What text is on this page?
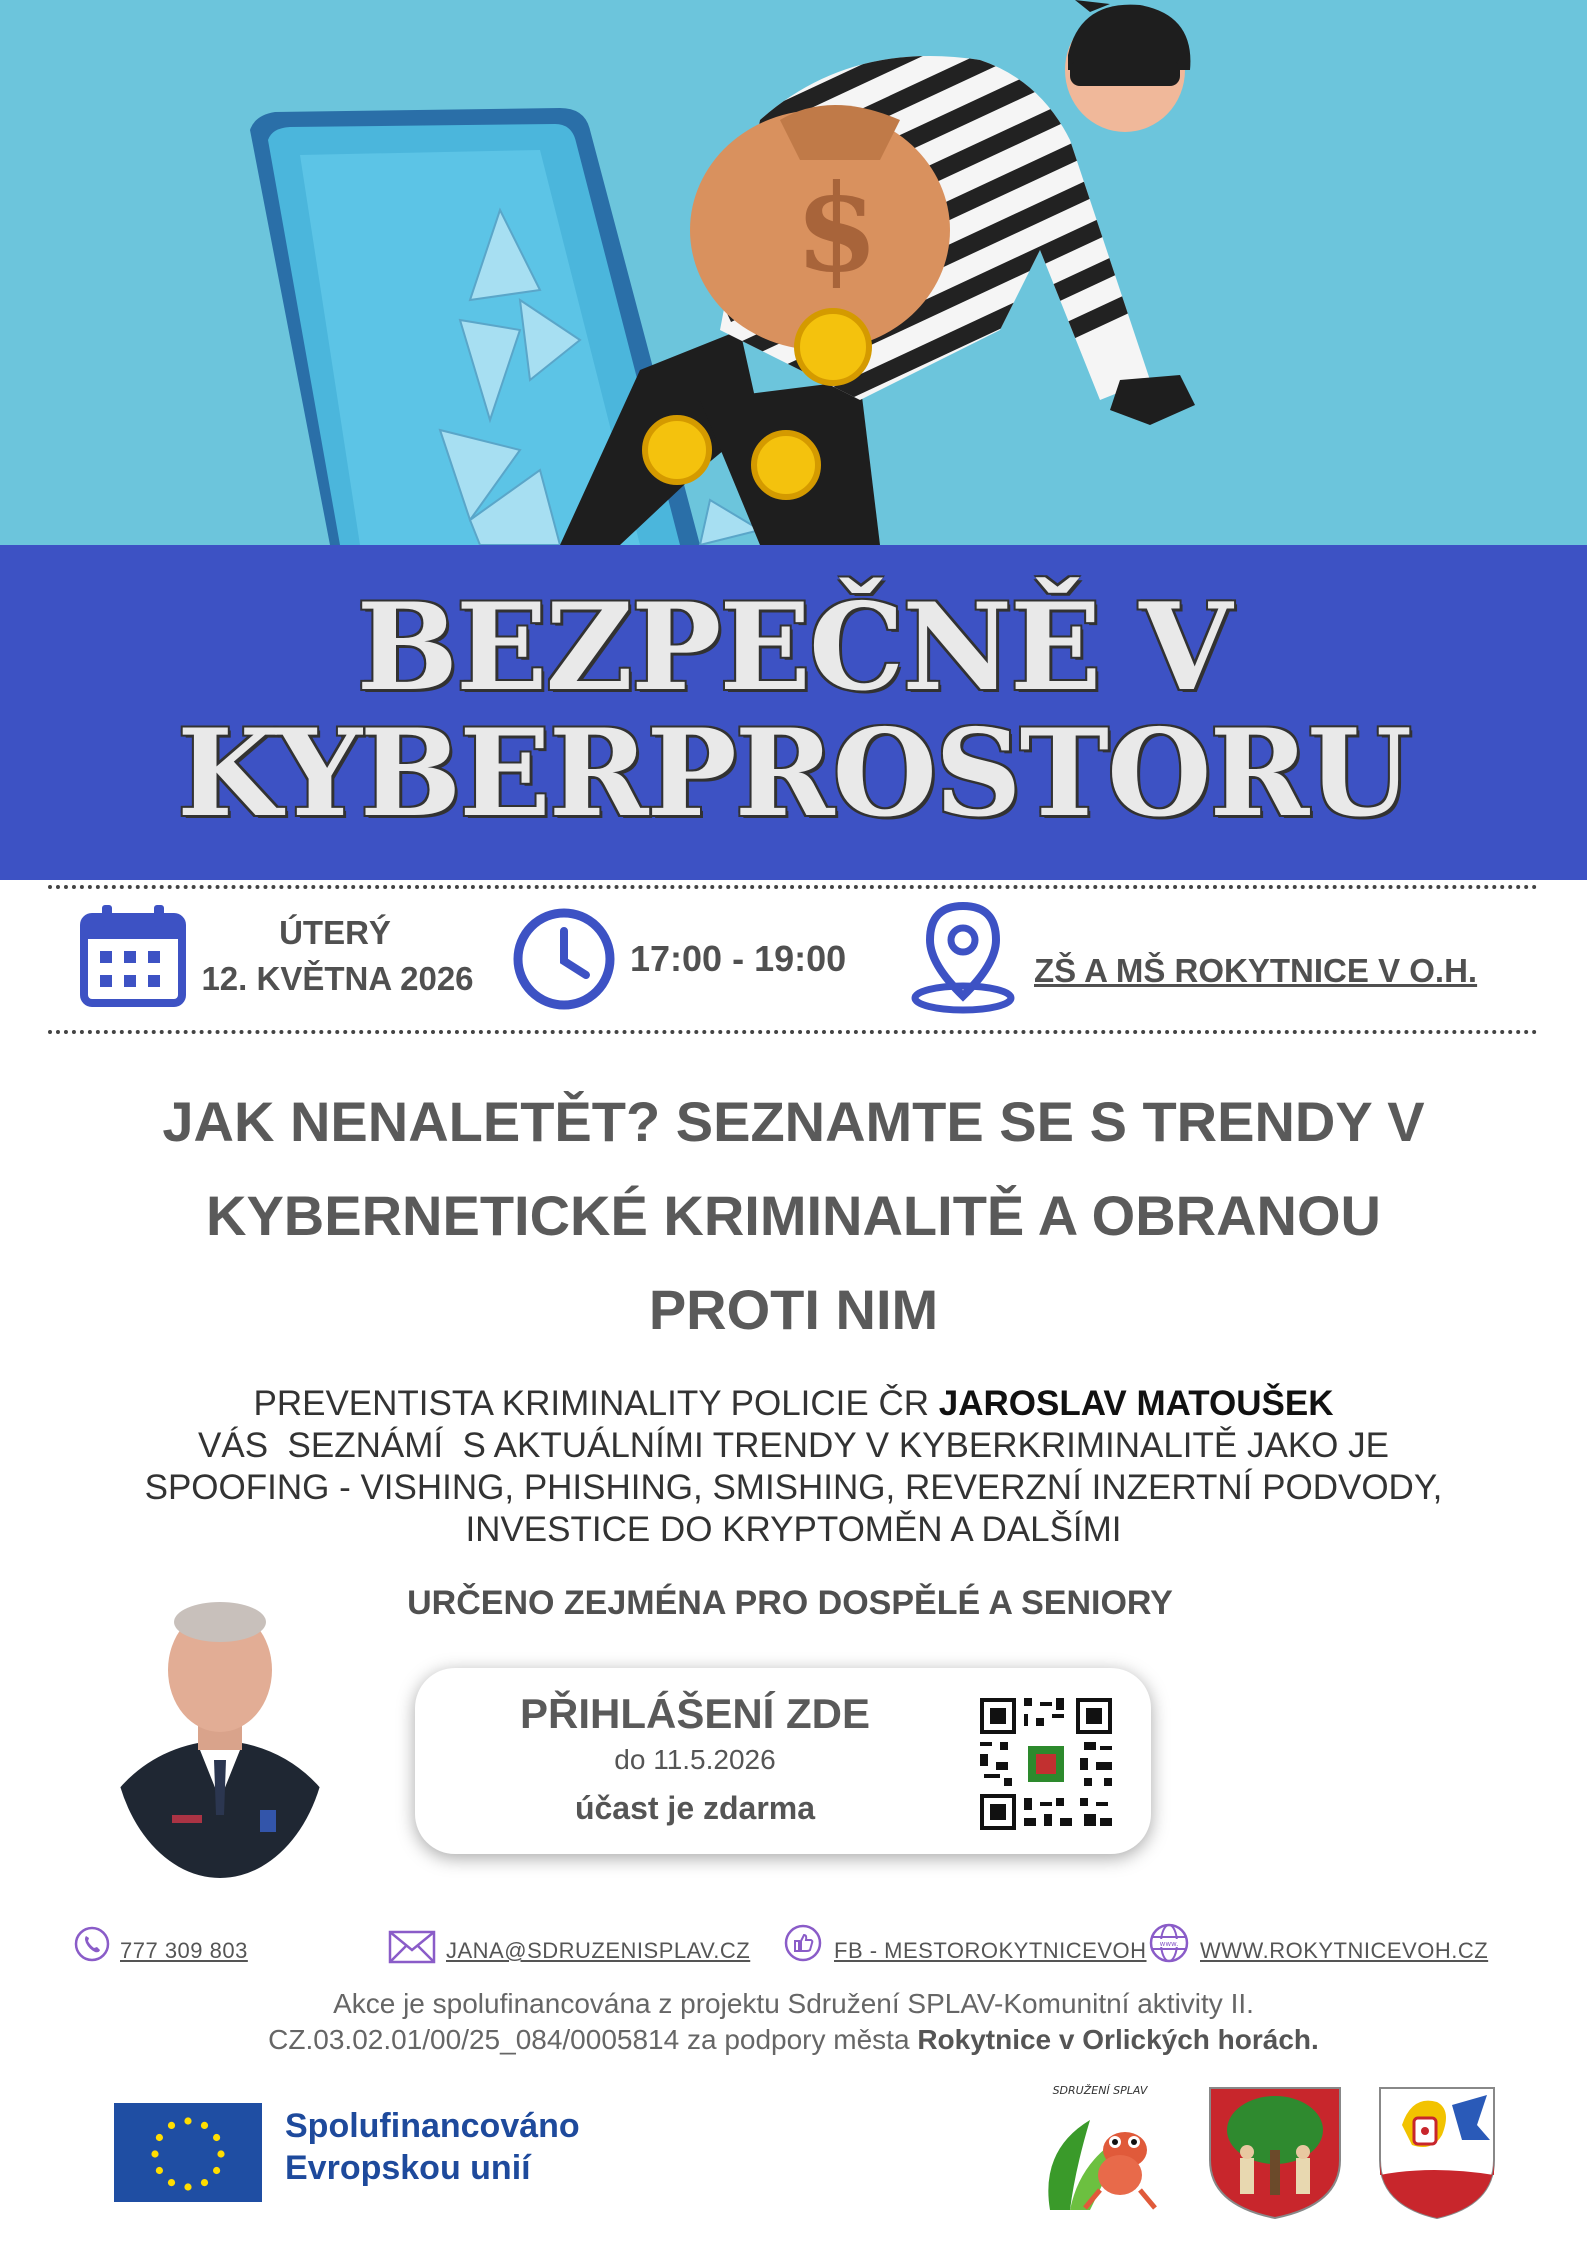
$
BEZPEČNĚ V
KYBERPROSTORU
ÚTERÝ
12. KVĚTNA 2026	17:00 - 19:00	ZŠ A MŠ ROKYTNICE V O.H.
JAK NENALETĚT? SEZNAMTE SE S TRENDY V
KYBERNETICKÉ KRIMINALITĚ A OBRANOU
PROTI NIM
PREVENTISTA KRIMINALITY POLICIE ČR JAROSLAV MATOUŠEK
VÁS  SEZNÁMÍ  S AKTUÁLNÍMI TRENDY V KYBERKRIMINALITĚ JAKO JE
SPOOFING - VISHING, PHISHING, SMISHING, REVERZNÍ INZERTNÍ PODVODY,
INVESTICE DO KRYPTOMĚN A DALŠÍMI
URČENO ZEJMÉNA PRO DOSPĚLÉ A SENIORY
PŘIHLÁŠENÍ ZDE
do 11.5.2026
účast je zdarma
777 309 803	JANA@SDRUZENISPLAV.CZ	FB - MESTOROKYTNICEVOH www. WWW.ROKYTNICEVOH.CZ
Akce je spolufinancována z projektu Sdružení SPLAV-Komunitní aktivity II.
CZ.03.02.01/00/25_084/0005814 za podpory města Rokytnice v Orlických horách.
Spolufinancováno
Evropskou unií
SDRUŽENÍ SPLAV
